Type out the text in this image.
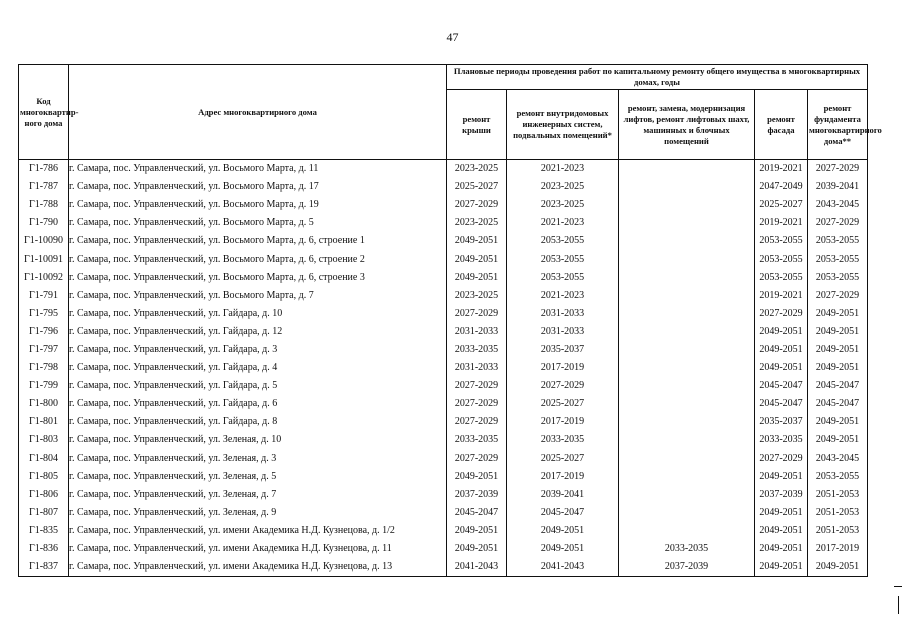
47
Код многоквартир-ного дома	Адрес многоквартирного дома	Плановые периоды проведения работ по капитальному ремонту общего имущества в многоквартирных домах, годы				
		ремонт крыши	ремонт внутридомовых инженерных систем, подвальных помещений*	ремонт, замена, модернизация лифтов, ремонт лифтовых шахт, машинных и блочных помещений	ремонт фасада	ремонт фундамента многоквартирного дома**
Г1-786	г. Самара, пос. Управленческий, ул. Восьмого Марта, д. 11	2023-2025	2021-2023		2019-2021	2027-2029
Г1-787	г. Самара, пос. Управленческий, ул. Восьмого Марта, д. 17	2025-2027	2023-2025		2047-2049	2039-2041
Г1-788	г. Самара, пос. Управленческий, ул. Восьмого Марта, д. 19	2027-2029	2023-2025		2025-2027	2043-2045
Г1-790	г. Самара, пос. Управленческий, ул. Восьмого Марта, д. 5	2023-2025	2021-2023		2019-2021	2027-2029
Г1-10090	г. Самара, пос. Управленческий, ул. Восьмого Марта, д. 6, строение 1	2049-2051	2053-2055		2053-2055	2053-2055
Г1-10091	г. Самара, пос. Управленческий, ул. Восьмого Марта, д. 6, строение 2	2049-2051	2053-2055		2053-2055	2053-2055
Г1-10092	г. Самара, пос. Управленческий, ул. Восьмого Марта, д. 6, строение 3	2049-2051	2053-2055		2053-2055	2053-2055
Г1-791	г. Самара, пос. Управленческий, ул. Восьмого Марта, д. 7	2023-2025	2021-2023		2019-2021	2027-2029
Г1-795	г. Самара, пос. Управленческий, ул. Гайдара, д. 10	2027-2029	2031-2033		2027-2029	2049-2051
Г1-796	г. Самара, пос. Управленческий, ул. Гайдара, д. 12	2031-2033	2031-2033		2049-2051	2049-2051
Г1-797	г. Самара, пос. Управленческий, ул. Гайдара, д. 3	2033-2035	2035-2037		2049-2051	2049-2051
Г1-798	г. Самара, пос. Управленческий, ул. Гайдара, д. 4	2031-2033	2017-2019		2049-2051	2049-2051
Г1-799	г. Самара, пос. Управленческий, ул. Гайдара, д. 5	2027-2029	2027-2029		2045-2047	2045-2047
Г1-800	г. Самара, пос. Управленческий, ул. Гайдара, д. 6	2027-2029	2025-2027		2045-2047	2045-2047
Г1-801	г. Самара, пос. Управленческий, ул. Гайдара, д. 8	2027-2029	2017-2019		2035-2037	2049-2051
Г1-803	г. Самара, пос. Управленческий, ул. Зеленая, д. 10	2033-2035	2033-2035		2033-2035	2049-2051
Г1-804	г. Самара, пос. Управленческий, ул. Зеленая, д. 3	2027-2029	2025-2027		2027-2029	2043-2045
Г1-805	г. Самара, пос. Управленческий, ул. Зеленая, д. 5	2049-2051	2017-2019		2049-2051	2053-2055
Г1-806	г. Самара, пос. Управленческий, ул. Зеленая, д. 7	2037-2039	2039-2041		2037-2039	2051-2053
Г1-807	г. Самара, пос. Управленческий, ул. Зеленая, д. 9	2045-2047	2045-2047		2049-2051	2051-2053
Г1-835	г. Самара, пос. Управленческий, ул. имени Академика Н.Д. Кузнецова, д. 1/2	2049-2051	2049-2051		2049-2051	2051-2053
Г1-836	г. Самара, пос. Управленческий, ул. имени Академика Н.Д. Кузнецова, д. 11	2049-2051	2049-2051	2033-2035	2049-2051	2017-2019
Г1-837	г. Самара, пос. Управленческий, ул. имени Академика Н.Д. Кузнецова, д. 13	2041-2043	2041-2043	2037-2039	2049-2051	2049-2051
